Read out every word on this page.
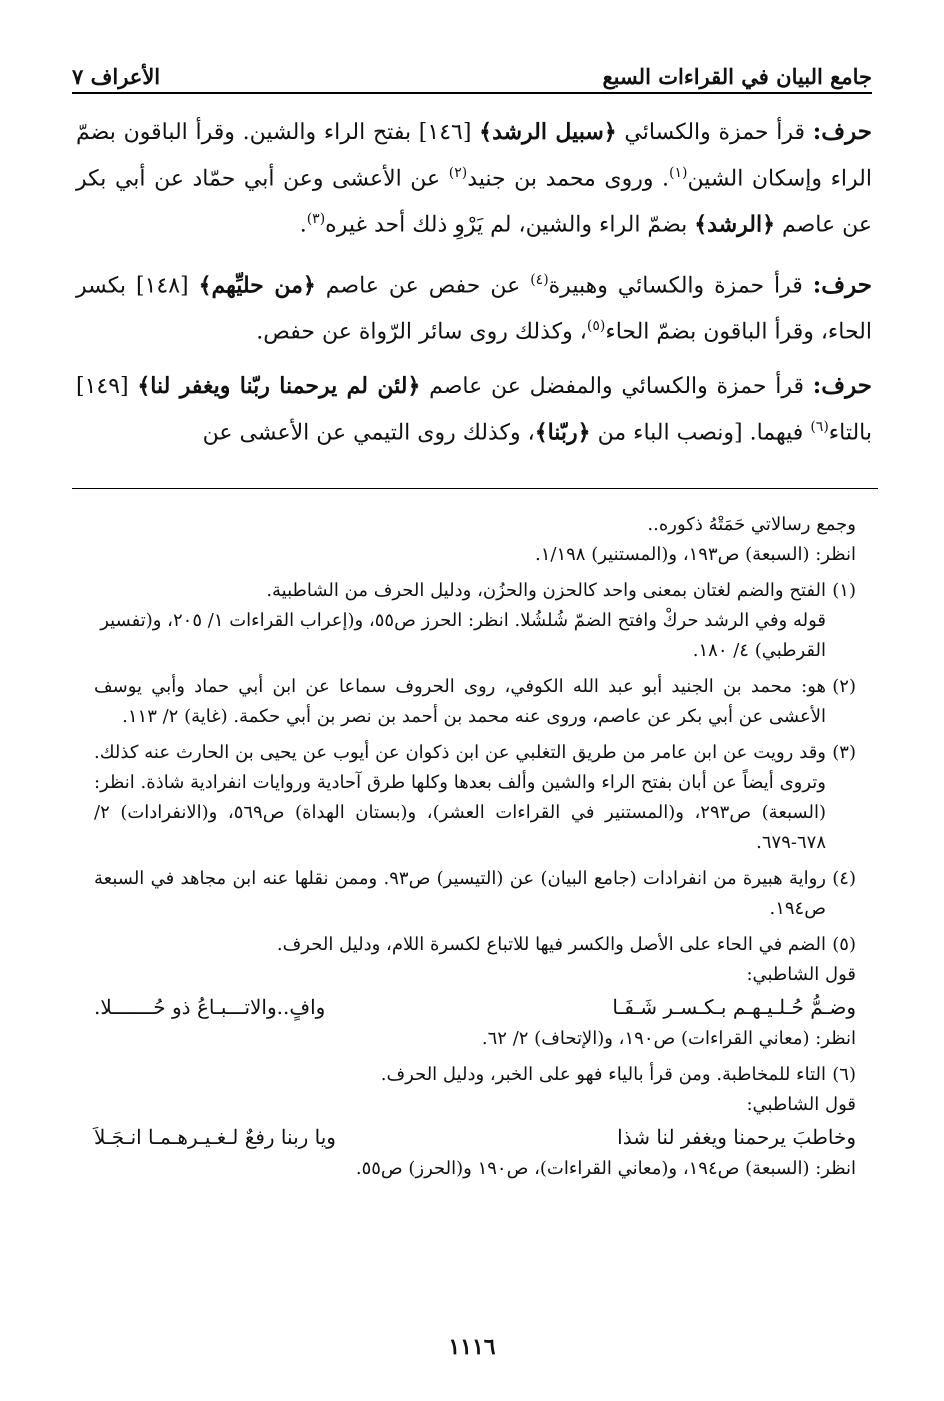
جامع البيان في القراءات السبع
الأعراف ٧

حرف: قرأ حمزة والكسائي ﴿سبيل الرشد﴾ [١٤٦] بفتح الراء والشين. وقرأ الباقون بضمّ الراء وإسكان الشين$^{(١)}$. وروى محمد بن جنيد$^{(٢)}$ عن الأعشى وعن أبي حمّاد عن أبي بكر عن عاصم ﴿الرشد﴾ بضمّ الراء والشين، لم يَرْوِ ذلك أحد غيره$^{(٣)}$.

حرف: قرأ حمزة والكسائي وهبيرة$^{(٤)}$ عن حفص عن عاصم ﴿من حليِّهم﴾ [١٤٨] بكسر الحاء، وقرأ الباقون بضمّ الحاء$^{(٥)}$، وكذلك روى سائر الرّواة عن حفص.

حرف: قرأ حمزة والكسائي والمفضل عن عاصم ﴿لئن لم يرحمنا ربّنا ويغفر لنا﴾ [١٤٩] بالتاء$^{(٦)}$ فيهما. [ونصب الباء من ﴿ربّنا﴾، وكذلك روى التيمي عن الأعشى عن

وجمع رسالاتي حَمَتْهُ ذكوره..

انظر: (السبعة) ص١٩٣، و(المستنير) ١/١٩٨.

(١)
الفتح والضم لغتان بمعنى واحد كالحزن والحزُن، ودليل الحرف من الشاطبية.

قوله وفي الرشد حركْ وافتح الضمّ شُلشُلا. انظر: الحرز ص٥٥، و(إعراب القراءات ١/ ٢٠٥، و(تفسير القرطبي) ٤/ ١٨٠.

(٢)
هو: محمد بن الجنيد أبو عبد الله الكوفي، روى الحروف سماعا عن ابن أبي حماد وأبي يوسف الأعشى عن أبي بكر عن عاصم، وروى عنه محمد بن أحمد بن نصر بن أبي حكمة. (غاية) ٢/ ١١٣.
(٣)
وقد رويت عن ابن عامر من طريق التغلبي عن ابن ذكوان عن أيوب عن يحيى بن الحارث عنه كذلك. وتروى أيضاً عن أبان بفتح الراء والشين وألف بعدها وكلها طرق آحادية وروايات انفرادية شاذة. انظر: (السبعة) ص٢٩٣، و(المستنير في القراءات العشر)، و(بستان الهداة) ص٥٦٩، و(الانفرادات) ٢/ ٦٧٨-٦٧٩.
(٤)
رواية هبيرة من انفرادات (جامع البيان) عن (التيسير) ص٩٣. وممن نقلها عنه ابن مجاهد في السبعة ص١٩٤.
(٥)
الضم في الحاء على الأصل والكسر فيها للاتباع لكسرة اللام، ودليل الحرف.

قول الشاطبي:

وضـمُّ حُـلـيـهـم بـكـسـر شَـفَـا
وافٍ..والاتـــبـاعُ ذو حُـــــــلا.

انظر: (معاني القراءات) ص١٩٠، و(الإتحاف) ٢/ ٦٢.

(٦)
التاء للمخاطبة. ومن قرأ بالياء فهو على الخبر، ودليل الحرف.

قول الشاطبي:

وخاطبَ يرحمنا ويغفر لنا شذا
ويا ربنا رفعٌ لـغـيـرهـمـا انـجَـلاَ

انظر: (السبعة) ص١٩٤، و(معاني القراءات)، ص١٩٠ و(الحرز) ص٥٥.

١١١٦
